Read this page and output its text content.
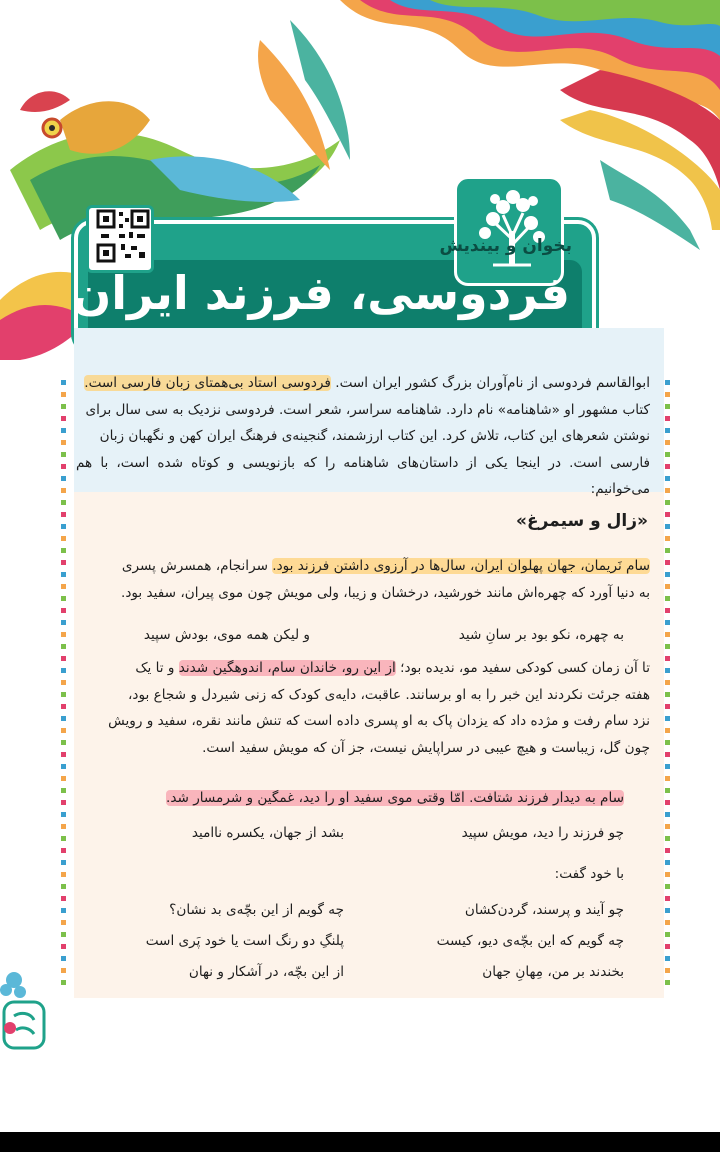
بخوان و بیندیش
فردوسی، فرزند ایران
ابوالقاسم فردوسی از نام‌آوران بزرگ کشور ایران است. فردوسی استاد بی‌همتای زبان فارسی است.
کتاب مشهور او «شاهنامه» نام دارد. شاهنامه سراسر، شعر است. فردوسی نزدیک به سی سال برای
نوشتن شعرهای این کتاب، تلاش کرد. این کتاب ارزشمند، گنجینه‌ی فرهنگ ایران کهن و نگهبان زبان
فارسی است. در اینجا یکی از داستان‌های شاهنامه را که بازنویسی و کوتاه شده است، با هم می‌خوانیم:
«زال و سیمرغ»
سام نَریمان، جهان پهلوان ایران، سال‌ها در آرزوی داشتن فرزند بود. سرانجام، همسرش پسری
به دنیا آورد که چهره‌اش مانند خورشید، درخشان و زیبا، ولی مویش چون موی پیران، سفید بود.
به چهره، نکو بود بر سانِ شید
و لیکن همه موی، بودش سپید
تا آن زمان کسی کودکی سفید مو، ندیده بود؛ از این رو، خاندان سام، اندوهگین شدند و تا یک
هفته جرئت نکردند این خبر را به او برسانند. عاقبت، دایه‌ی کودک که زنی شیردل و شجاع بود،
نزد سام رفت و مژده داد که یزدان پاک به او پسری داده است که تنش مانند نقره، سفید و رویش
چون گل، زیباست و هیچ عیبی در سراپایش نیست، جز آن که مویش سفید است.
سام به دیدار فرزند شتافت. امّا وقتی موی سفید او را دید، غمگین و شرمسار شد.
چو فرزند را دید، مویش سپید
بشد از جهان، یکسره ناامید
با خود گفت:
چو آیند و پرسند، گردن‌کشان
چه گویم از این بچّه‌ی بد نشان؟
چه گویم که این بچّه‌ی دیو، کیست
پلنگِ دو رنگ است یا خود پَری است
بخندند بر من، مِهانِ جهان
از این بچّه، در آشکار و نهان
